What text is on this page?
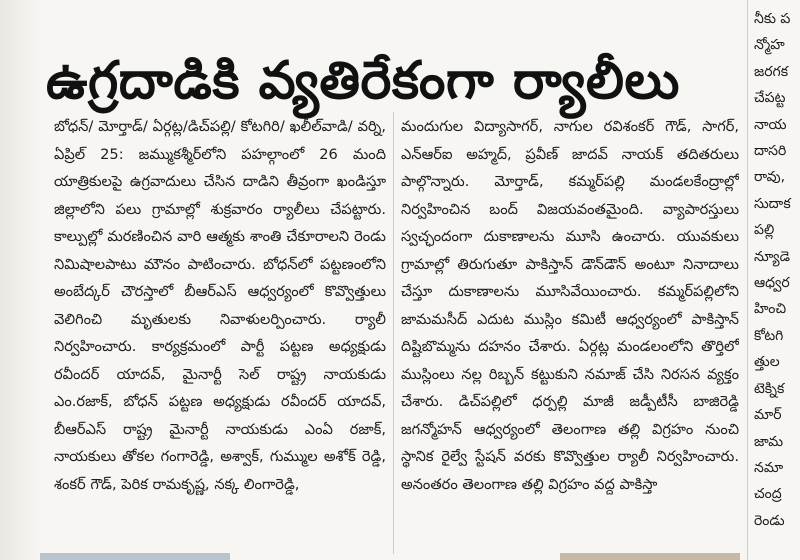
ఉగ్రదాడికి వ్యతిరేకంగా ర్యాలీలు

బోధన్/ మోర్తాడ్/ ఏర్గట్ల/డిచ్‌పల్లి/ కోటగిరి/ ఖలీల్‌వాడి/ వర్ని, ఏప్రిల్ 25: జమ్ముకశ్మీర్‌లోని పహల్గాంలో 26 మంది యాత్రికులపై ఉగ్రవాదులు చేసిన దాడిని తీవ్రంగా ఖండిస్తూ జిల్లాలోని పలు గ్రామాల్లో శుక్రవారం ర్యాలీలు చేపట్టారు. కాల్పుల్లో మరణించిన వారి ఆత్మకు శాంతి చేకూరాలని రెండు నిమిషాలపాటు మౌనం పాటించారు. బోధన్‌లో పట్టణంలోని అంబేద్కర్ చౌరస్తాలో బీఆర్‌ఎస్ ఆధ్వర్యంలో కొవ్వొత్తులు వెలిగించి మృతులకు నివాళులర్పించారు. ర్యాలీ నిర్వహించారు. కార్యక్రమంలో పార్టీ పట్టణ అధ్యక్షుడు రవీందర్ యాదవ్, మైనార్టీ సెల్ రాష్ట్ర నాయకుడు ఎం.రజాక్, బోధన్ పట్టణ అధ్యక్షుడు రవీందర్ యాదవ్, బీఆర్‌ఎస్ రాష్ట్ర మైనార్టీ నాయకుడు ఎంఏ రజాక్, నాయకులు తోకల గంగారెడ్డి, అశ్వాక్, గుమ్ముల అశోక్ రెడ్డి, శంకర్ గౌడ్, పెరిక రామకృష్ణ, నక్క లింగారెడ్డి,

మందుగుల విద్యాసాగర్, నాగుల రవిశంకర్ గౌడ్, సాగర్, ఎన్‌ఆర్‌ఐ అహ్మద్, ప్రవీణ్ జాదవ్ నాయక్ తదితరులు పాల్గొన్నారు. మోర్తాడ్, కమ్మర్‌పల్లి మండలకేంద్రాల్లో నిర్వహించిన బంద్ విజయవంతమైంది. వ్యాపారస్తులు స్వచ్ఛందంగా దుకాణాలను మూసి ఉంచారు. యువకులు గ్రామాల్లో తిరుగుతూ పాకిస్తాన్ డౌన్‌డౌన్ అంటూ నినాదాలు చేస్తూ దుకాణాలను మూసివేయించారు. కమ్మర్‌పల్లిలోని జామమసీద్ ఎదుట ముస్లిం కమిటీ ఆధ్వర్యంలో పాకిస్తాన్ దిష్టిబొమ్మను దహనం చేశారు. ఏర్గట్ల మండలంలోని తొర్తిలో ముస్లింలు నల్ల రిబ్బన్ కట్టుకుని నమాజ్ చేసి నిరసన వ్యక్తం చేశారు. డిచ్‌పల్లిలో ధర్పల్లి మాజీ జడ్పీటీసీ బాజిరెడ్డి జగన్మోహన్ ఆధ్వర్యంలో తెలంగాణ తల్లి విగ్రహం నుంచి స్థానిక రైల్వే స్టేషన్ వరకు కొవ్వొత్తుల ర్యాలీ నిర్వహించారు. అనంతరం తెలంగాణ తల్లి విగ్రహం వద్ద పాకిస్తా

నీకు ప
న్మోహ
జరగక
చేపట్ట
నాయ
దాసరి
రావు,
సుదాక
పల్లి
న్యూడె
ఆధ్వర
హించి
కోటగి
త్తుల
టెక్నిక
మార్
జామ
నమా
చంద్ర
రెండు
